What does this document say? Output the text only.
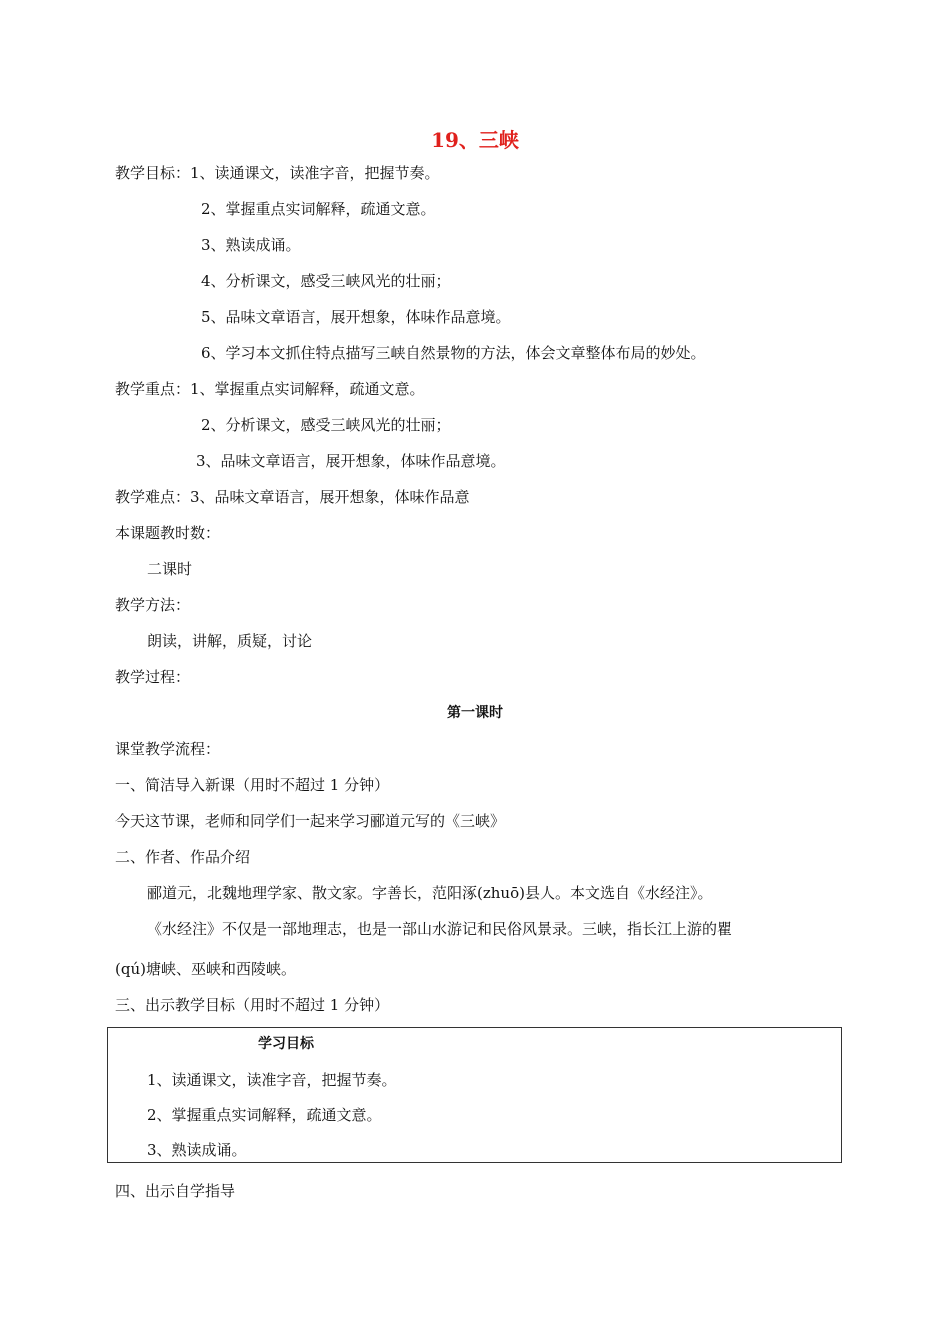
19、三峡
教学目标：1、读通课文，读准字音，把握节奏。
2、掌握重点实词解释，疏通文意。
3、熟读成诵。
4、分析课文，感受三峡风光的壮丽；
5、品味文章语言，展开想象，体味作品意境。
6、学习本文抓住特点描写三峡自然景物的方法，体会文章整体布局的妙处。
教学重点：1、掌握重点实词解释，疏通文意。
2、分析课文，感受三峡风光的壮丽；
3、品味文章语言，展开想象，体味作品意境。
教学难点：3、品味文章语言，展开想象，体味作品意
本课题教时数：
二课时
教学方法：
朗读，讲解，质疑，讨论
教学过程：
第一课时
课堂教学流程：
一、简洁导入新课（用时不超过 1 分钟）
今天这节课，老师和同学们一起来学习郦道元写的《三峡》
二、作者、作品介绍
郦道元，北魏地理学家、散文家。字善长，范阳涿(zhuō)县人。本文选自《水经注》。
《水经注》不仅是一部地理志，也是一部山水游记和民俗风景录。三峡，指长江上游的瞿
(qú)塘峡、巫峡和西陵峡。
三、出示教学目标（用时不超过 1 分钟）
学习目标
1、读通课文，读准字音，把握节奏。
2、掌握重点实词解释，疏通文意。
3、熟读成诵。
四、出示自学指导
